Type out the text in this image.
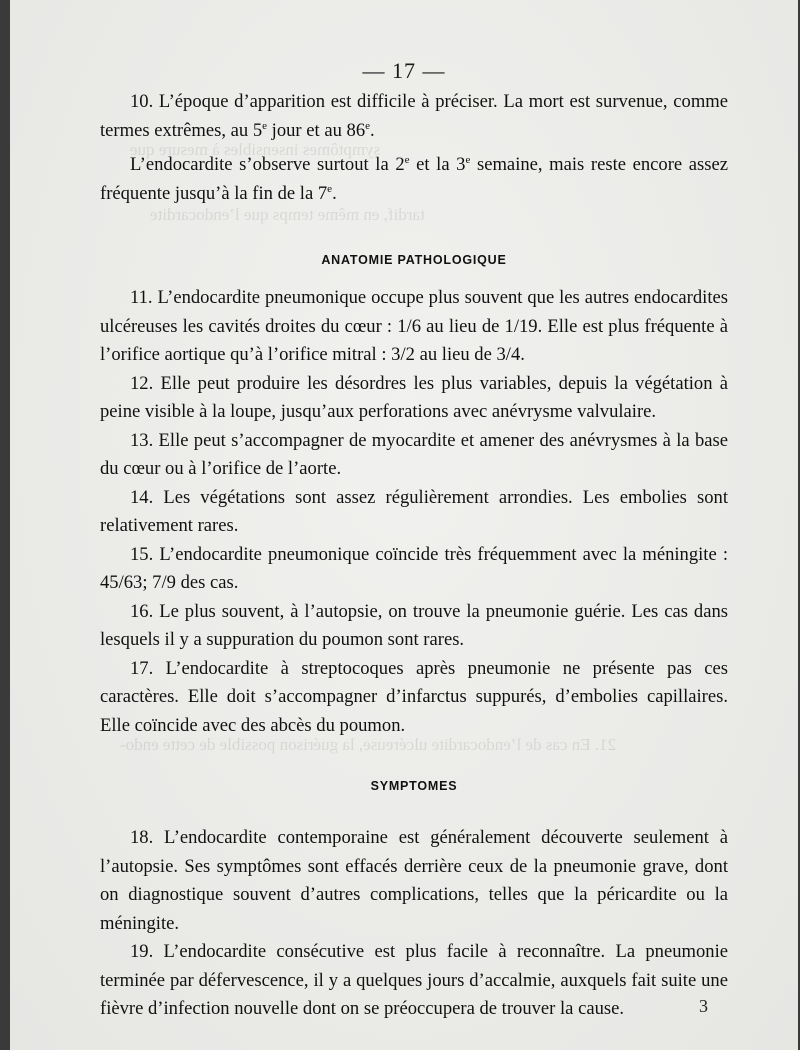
symptômes insensibles à mesure que
tardif, en même temps que l’endocardite
21. En cas de l’endocardite ulcéreuse, la guérison possible de cette endo-
— 17 —

10. L’époque d’apparition est difficile à préciser. La mort est survenue, comme termes extrêmes, au 5e jour et au 86e.

L’endocardite s’observe surtout la 2e et la 3e semaine, mais reste encore assez fréquente jusqu’à la fin de la 7e.

ANATOMIE PATHOLOGIQUE

11. L’endocardite pneumonique occupe plus souvent que les autres endocardites ulcéreuses les cavités droites du cœur : 1/6 au lieu de 1/19. Elle est plus fréquente à l’orifice aortique qu’à l’orifice mitral : 3/2 au lieu de 3/4.

12. Elle peut produire les désordres les plus variables, depuis la végétation à peine visible à la loupe, jusqu’aux perforations avec anévrysme valvulaire.

13. Elle peut s’accompagner de myocardite et amener des anévrysmes à la base du cœur ou à l’orifice de l’aorte.

14. Les végétations sont assez régulièrement arrondies. Les embolies sont relativement rares.

15. L’endocardite pneumonique coïncide très fréquemment avec la méningite : 45/63; 7/9 des cas.

16. Le plus souvent, à l’autopsie, on trouve la pneumonie guérie. Les cas dans lesquels il y a suppuration du poumon sont rares.

17. L’endocardite à streptocoques après pneumonie ne présente pas ces caractères. Elle doit s’accompagner d’infarctus suppurés, d’embolies capillaires. Elle coïncide avec des abcès du poumon.

SYMPTOMES

18. L’endocardite contemporaine est généralement découverte seulement à l’autopsie. Ses symptômes sont effacés derrière ceux de la pneumonie grave, dont on diagnostique souvent d’autres complications, telles que la péricardite ou la méningite.

19. L’endocardite consécutive est plus facile à reconnaître. La pneumonie terminée par défervescence, il y a quelques jours d’accalmie, auxquels fait suite une fièvre d’infection nouvelle dont on se préoccupera de trouver la cause.	3
